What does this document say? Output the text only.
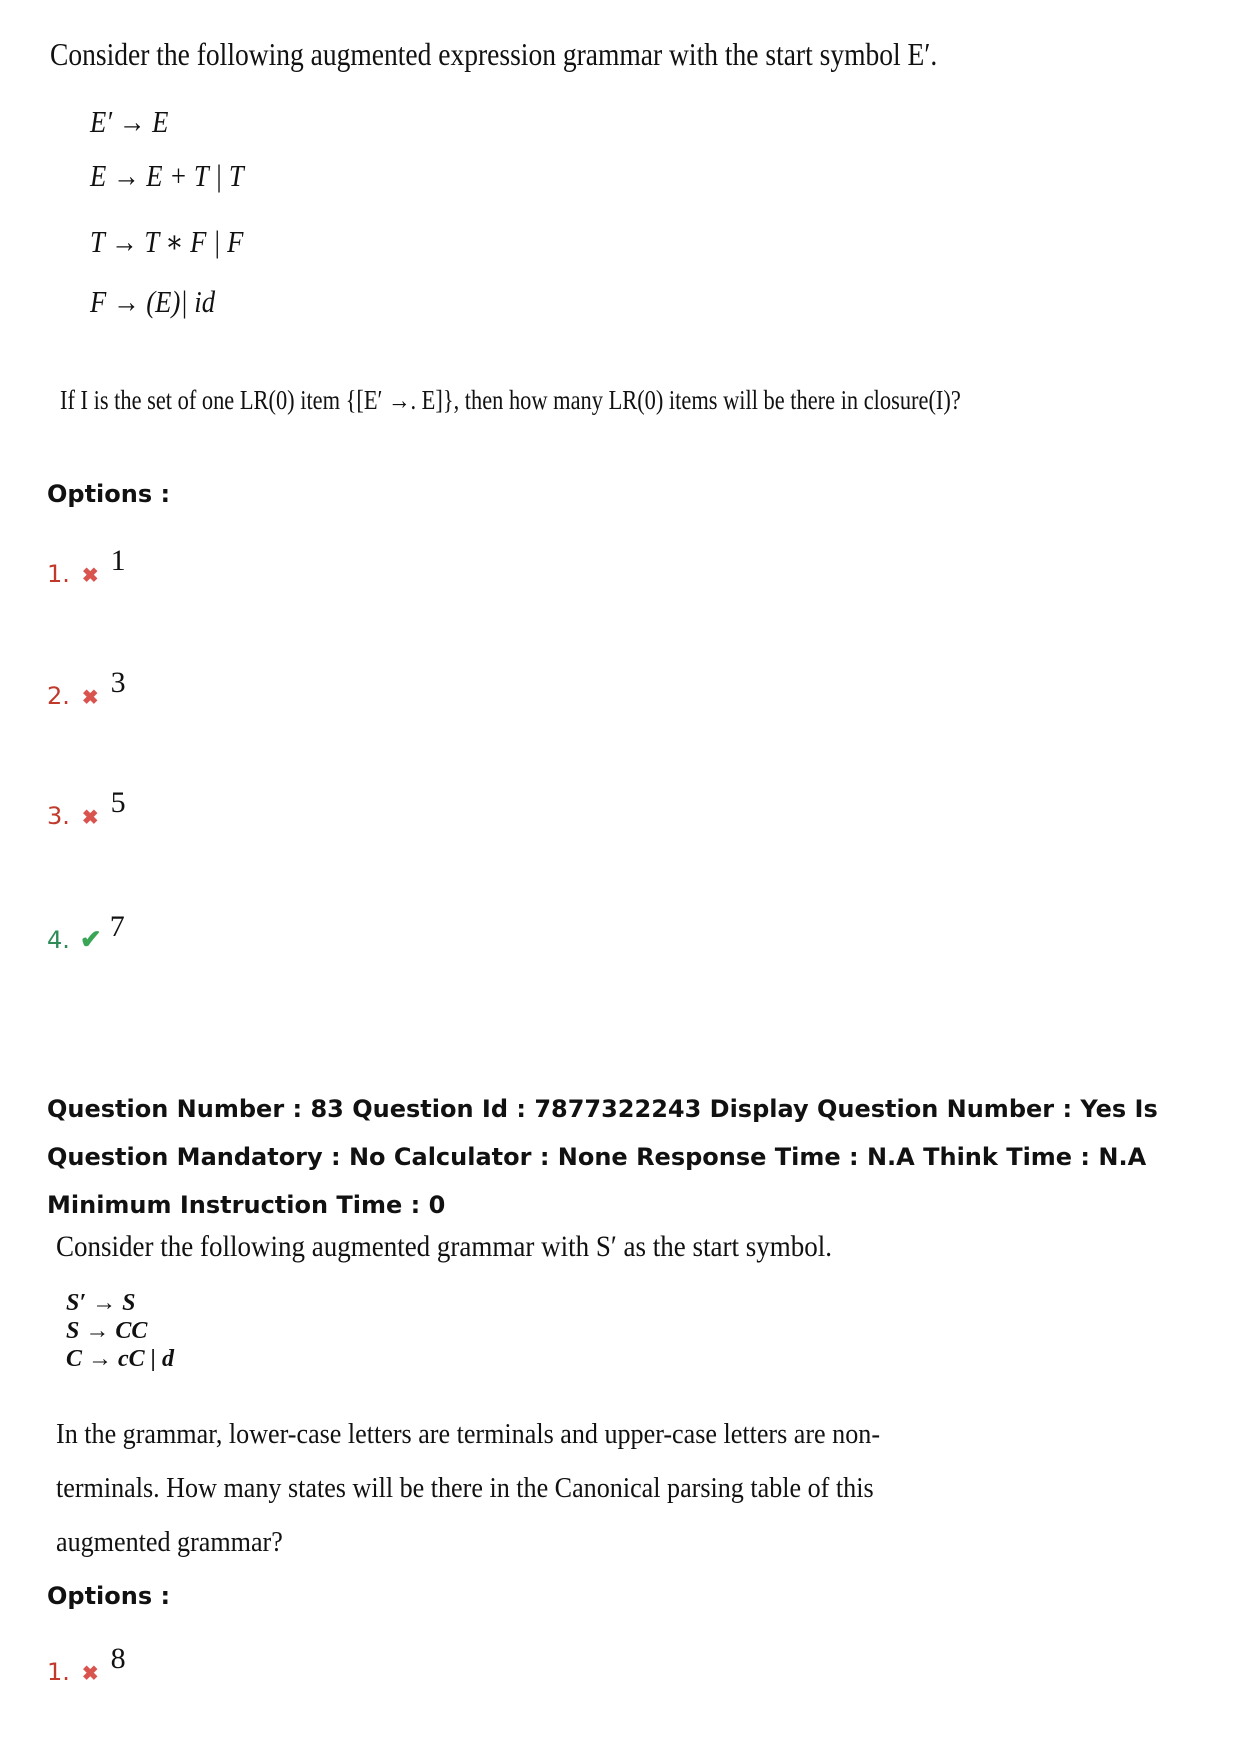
Consider the following augmented expression grammar with the start symbol E′.
E′ → E
E → E + T | T
T → T ∗ F | F
F → (E)| id
If I is the set of one LR(0) item {[E′ →. E]}, then how many LR(0) items will be there in closure(I)?
Options :
1. ✖ 1
2. ✖ 3
3. ✖ 5
4. ✔ 7
Question Number : 83 Question Id : 7877322243 Display Question Number : Yes Is Question Mandatory : No Calculator : None Response Time : N.A Think Time : N.A Minimum Instruction Time : 0
Consider the following augmented grammar with S′ as the start symbol.
S′ → S
S → CC
C → cC | d
In the grammar, lower-case letters are terminals and upper-case letters are non-
terminals. How many states will be there in the Canonical parsing table of this
augmented grammar?
Options :
1. ✖ 8
